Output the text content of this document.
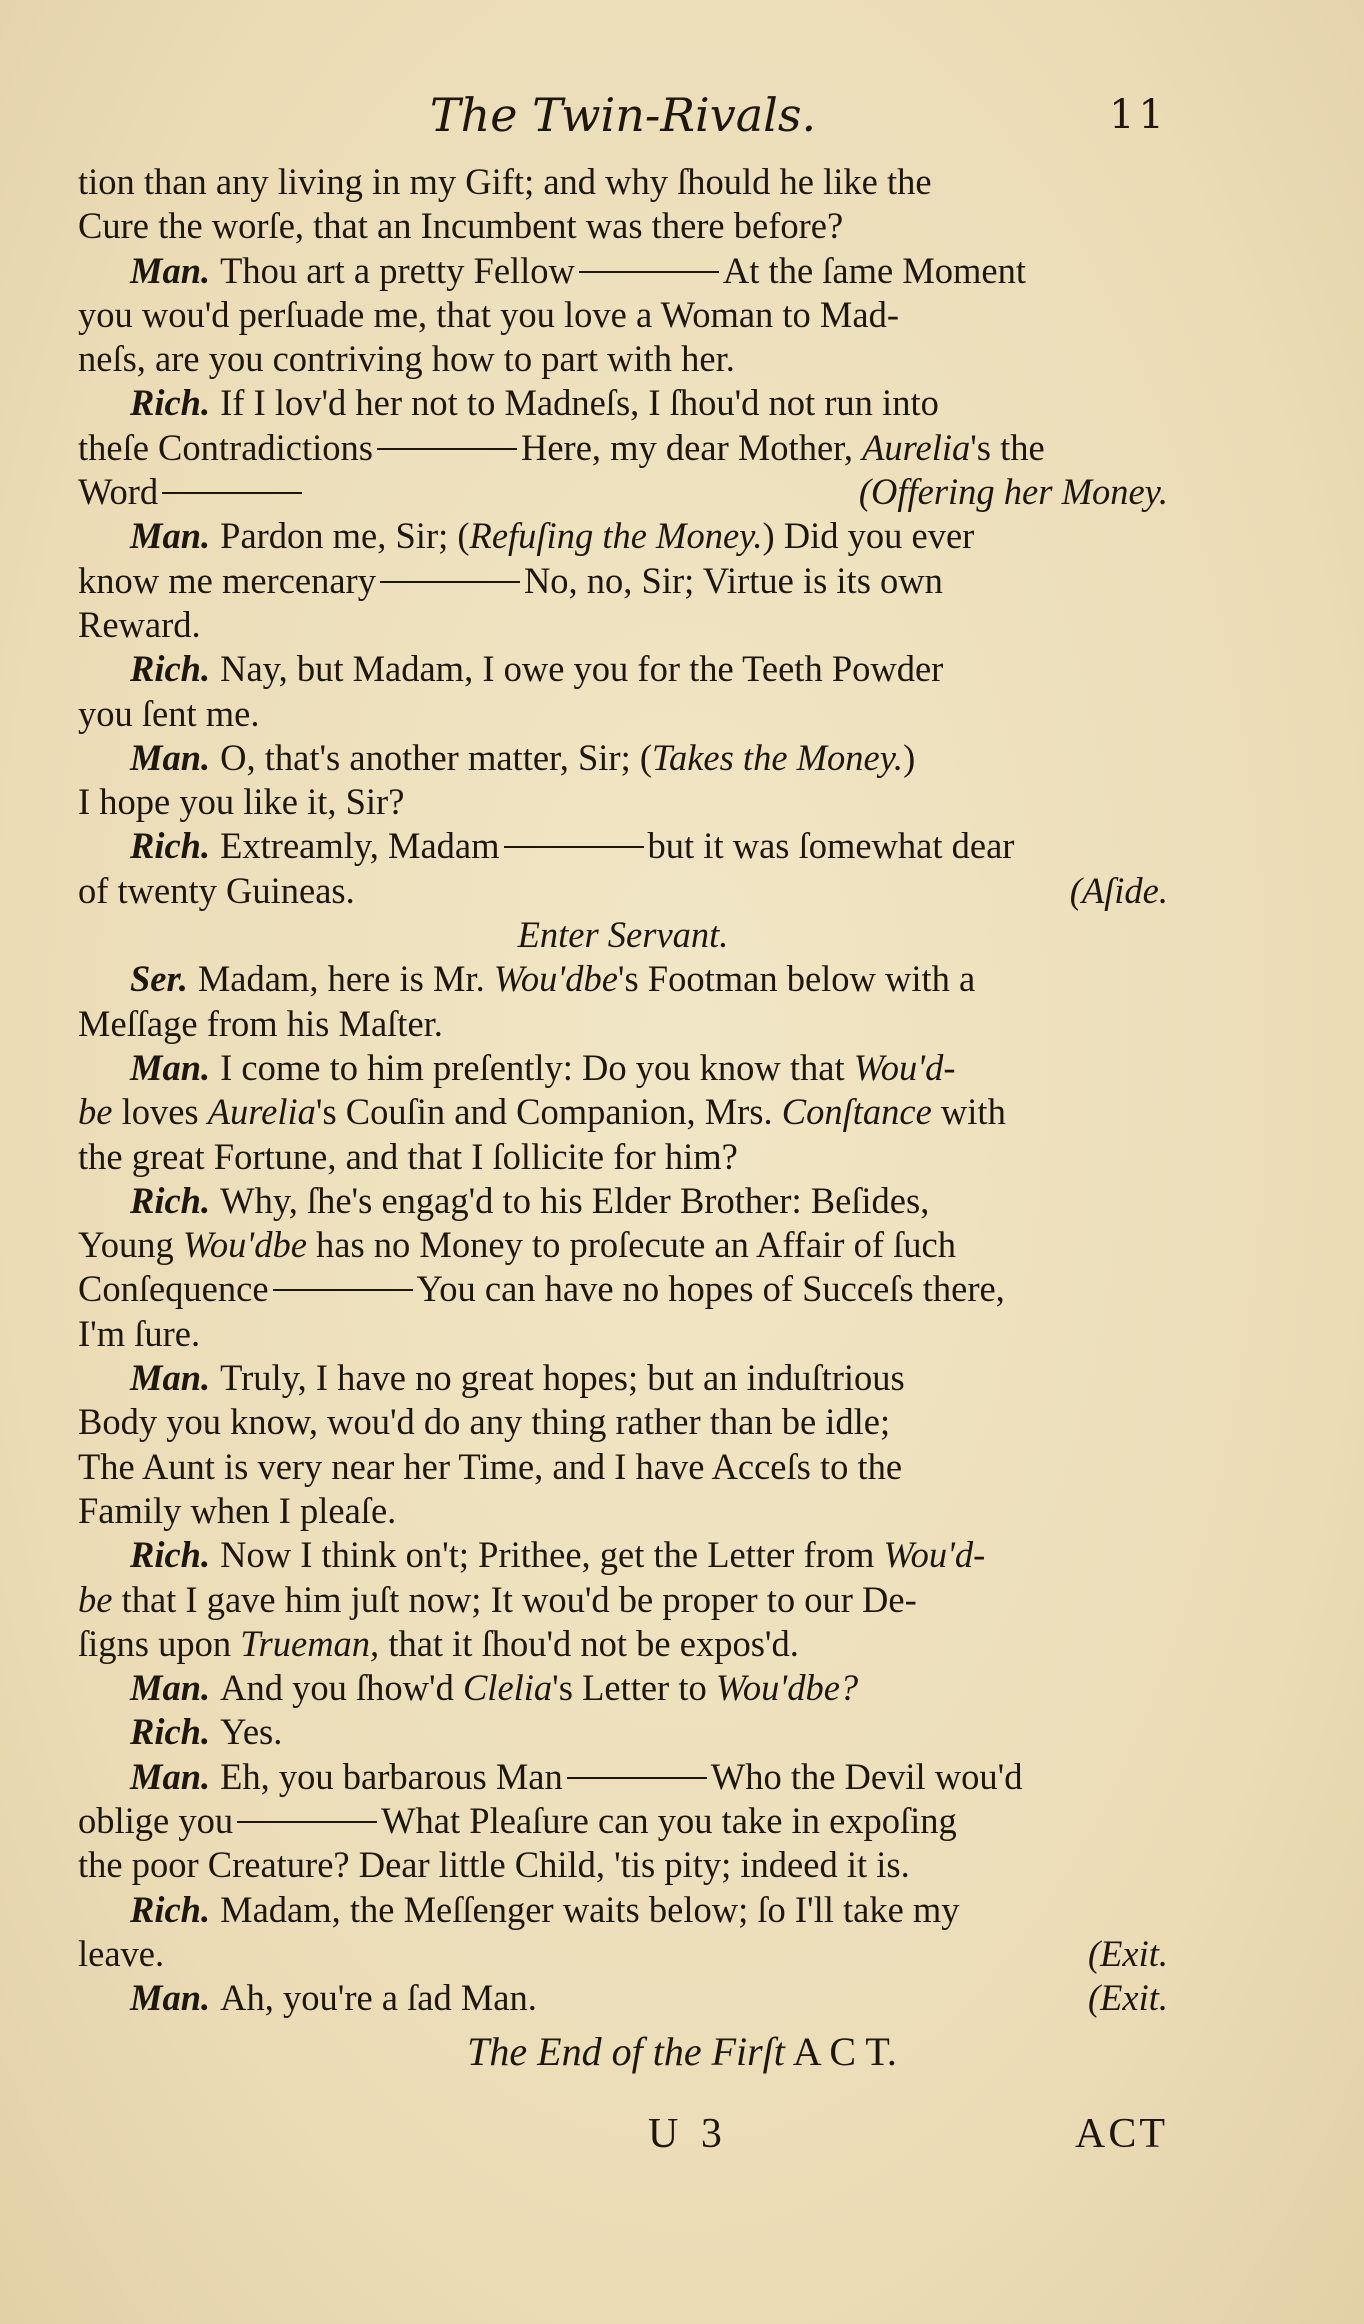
The Twin-Rivals.	11
tion than any living in my Gift; and why ſhould he like the
Cure the worſe, that an Incumbent was there before?
Man. Thou art a pretty Fellow	At the ſame Moment
you wou'd perſuade me, that you love a Woman to Mad-
neſs, are you contriving how to part with her.
Rich. If I lov'd her not to Madneſs, I ſhou'd not run into
theſe Contradictions	Here, my dear Mother, Aurelia 's the
Word	(Offering her Money.
Man. Pardon me, Sir; ( Refuſing the Money. ) Did you ever
know me mercenary	No, no, Sir; Virtue is its own
Reward.
Rich. Nay, but Madam, I owe you for the Teeth Powder
you ſent me.
Man. O, that's another matter, Sir; ( Takes the Money. )
I hope you like it, Sir?
Rich. Extreamly, Madam	but it was ſomewhat dear
of twenty Guineas.	(Aſide.
Enter Servant.
Ser. Madam, here is Mr. Wou'dbe 's Footman below with a
Meſſage from his Maſter.
Man. I come to him preſently: Do you know that Wou'd-
be loves Aurelia 's Couſin and Companion, Mrs. Conſtance with
the great Fortune, and that I ſollicite for him?
Rich. Why, ſhe's engag'd to his Elder Brother: Beſides,
Young Wou'dbe has no Money to proſecute an Affair of ſuch
Conſequence	You can have no hopes of Succeſs there,
I'm ſure.
Man. Truly, I have no great hopes; but an induſtrious
Body you know, wou'd do any thing rather than be idle;
The Aunt is very near her Time, and I have Acceſs to the
Family when I pleaſe.
Rich. Now I think on't; Prithee, get the Letter from Wou'd-
be that I gave him juſt now; It wou'd be proper to our De-
ſigns upon Trueman, that it ſhou'd not be expos'd.
Man. And you ſhow'd Clelia 's Letter to Wou'dbe?
Rich. Yes.
Man. Eh, you barbarous Man	Who the Devil wou'd
oblige you	What Pleaſure can you take in expoſing
the poor Creature? Dear little Child, 'tis pity; indeed it is.
Rich. Madam, the Meſſenger waits below; ſo I'll take my
leave.	(Exit.
Man. Ah, you're a ſad Man.	(Exit.
The End of the Firſt A C T.
U 3	ACT
